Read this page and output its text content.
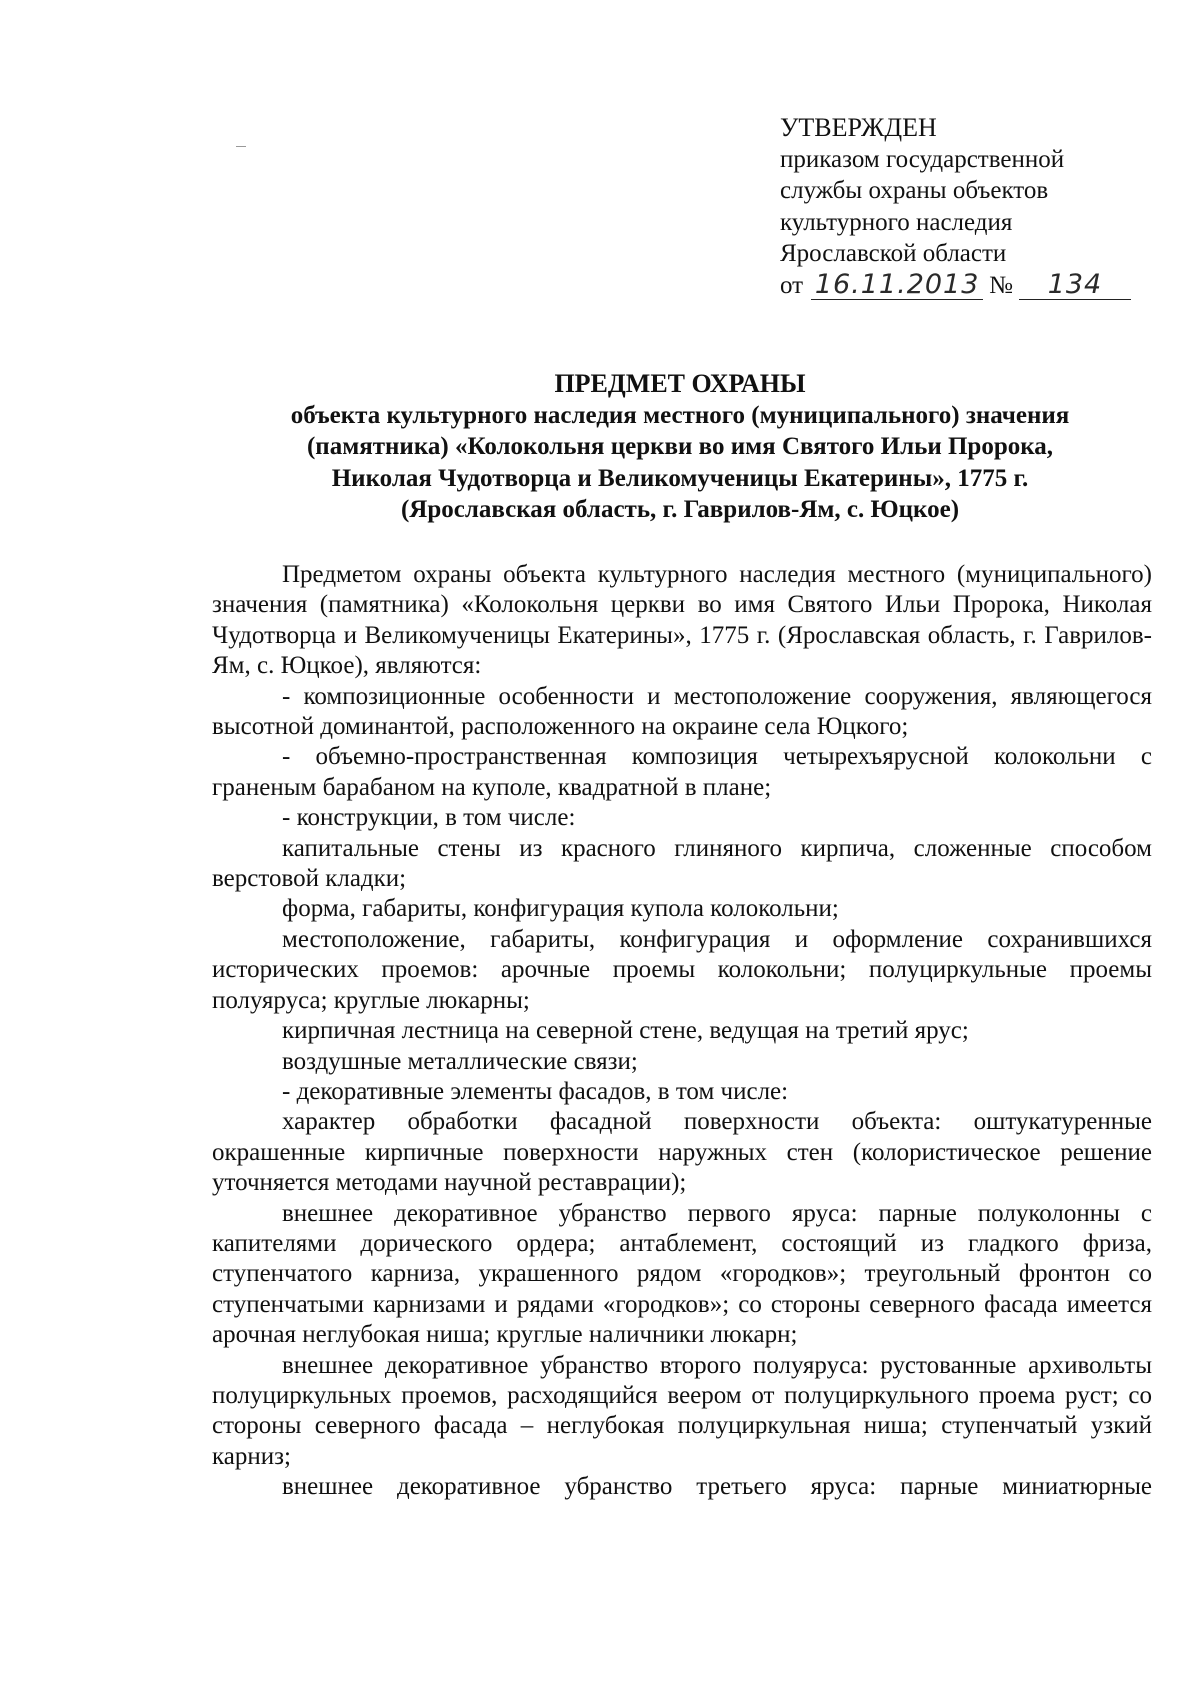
УТВЕРЖДЕН
приказом государственной
службы охраны объектов
культурного наследия
Ярославской области
от 16.11.2013 №	134
ПРЕДМЕТ ОХРАНЫ
объекта культурного наследия местного (муниципального) значения
(памятника) «Колокольня церкви во имя Святого Ильи Пророка,
Николая Чудотворца и Великомученицы Екатерины», 1775 г.
(Ярославская область, г. Гаврилов-Ям, с. Юцкое)

Предметом охраны объекта культурного наследия местного (муниципального) значения (памятника) «Колокольня церкви во имя Святого Ильи Пророка, Николая Чудотворца и Великомученицы Екатерины», 1775 г. (Ярославская область, г. Гаврилов-Ям, с. Юцкое), являются:

- композиционные особенности и местоположение сооружения, являющегося высотной доминантой, расположенного на окраине села Юцкого;

- объемно-пространственная композиция четырехъярусной колокольни с граненым барабаном на куполе, квадратной в плане;

- конструкции, в том числе:

капитальные стены из красного глиняного кирпича, сложенные способом верстовой кладки;

форма, габариты, конфигурация купола колокольни;

местоположение, габариты, конфигурация и оформление сохранившихся исторических проемов: арочные проемы колокольни; полуциркульные проемы полуяруса; круглые люкарны;

кирпичная лестница на северной стене, ведущая на третий ярус;

воздушные металлические связи;

- декоративные элементы фасадов, в том числе:

характер обработки фасадной поверхности объекта: оштукатуренные окрашенные кирпичные поверхности наружных стен (колористическое решение уточняется методами научной реставрации);

внешнее декоративное убранство первого яруса: парные полуколонны с капителями дорического ордера; антаблемент, состоящий из гладкого фриза, ступенчатого карниза, украшенного рядом «городков»; треугольный фронтон со ступенчатыми карнизами и рядами «городков»; со стороны северного фасада имеется арочная неглубокая ниша; круглые наличники люкарн;

внешнее декоративное убранство второго полуяруса: рустованные архивольты полуциркульных проемов, расходящийся веером от полуциркульного проема руст; со стороны северного фасада – неглубокая полуциркульная ниша; ступенчатый узкий карниз;

внешнее декоративное убранство третьего яруса: парные миниатюрные
